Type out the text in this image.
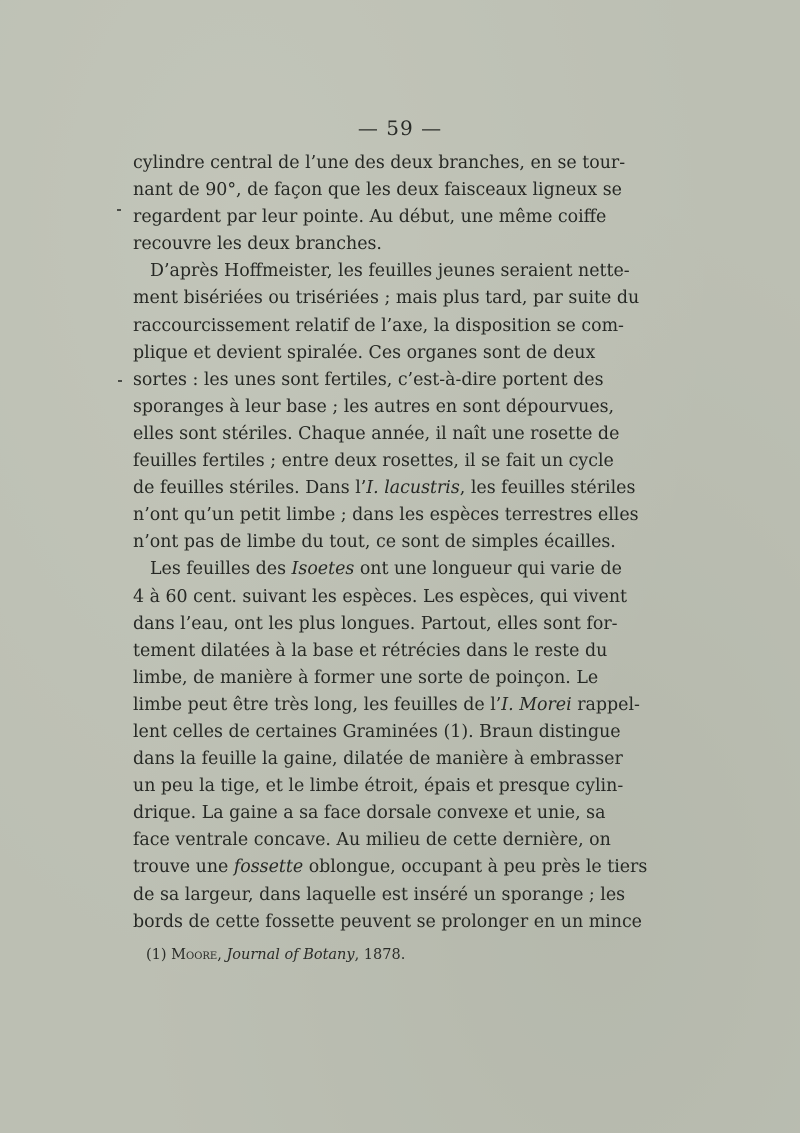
— 59 —
cylindre central de l’une des deux branches, en se tour-
nant de 90°, de façon que les deux faisceaux ligneux se
regardent par leur pointe. Au début, une même coiffe
recouvre les deux branches.
D’après Hoffmeister, les feuilles jeunes seraient nette-
ment bisériées ou trisériées ; mais plus tard, par suite du
raccourcissement relatif de l’axe, la disposition se com-
plique et devient spiralée. Ces organes sont de deux
sortes : les unes sont fertiles, c’est-à-dire portent des
sporanges à leur base ; les autres en sont dépourvues,
elles sont stériles. Chaque année, il naît une rosette de
feuilles fertiles ; entre deux rosettes, il se fait un cycle
de feuilles stériles. Dans l’I. lacustris, les feuilles stériles
n’ont qu’un petit limbe ; dans les espèces terrestres elles
n’ont pas de limbe du tout, ce sont de simples écailles.
Les feuilles des Isoetes ont une longueur qui varie de
4 à 60 cent. suivant les espèces. Les espèces, qui vivent
dans l’eau, ont les plus longues. Partout, elles sont for-
tement dilatées à la base et rétrécies dans le reste du
limbe, de manière à former une sorte de poinçon. Le
limbe peut être très long, les feuilles de l’I. Morei rappel-
lent celles de certaines Graminées (1). Braun distingue
dans la feuille la gaine, dilatée de manière à embrasser
un peu la tige, et le limbe étroit, épais et presque cylin-
drique. La gaine a sa face dorsale convexe et unie, sa
face ventrale concave. Au milieu de cette dernière, on
trouve une fossette oblongue, occupant à peu près le tiers
de sa largeur, dans laquelle est inséré un sporange ; les
bords de cette fossette peuvent se prolonger en un mince
(1) Moore, Journal of Botany, 1878.
